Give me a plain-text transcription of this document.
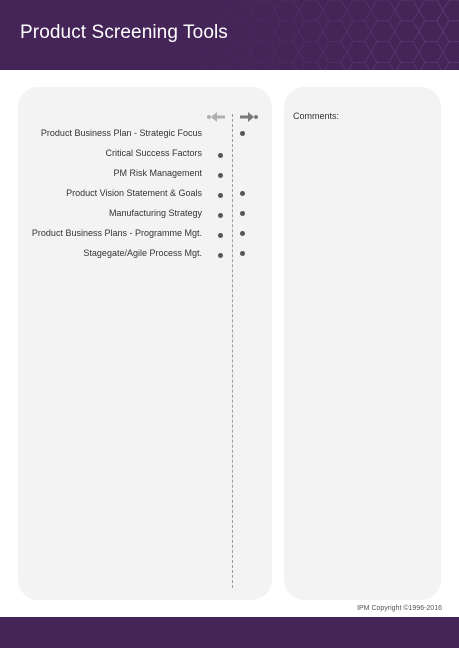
Product Screening Tools
Product Business Plan - Strategic Focus
Critical Success Factors
PM Risk Management
Product Vision Statement & Goals
Manufacturing Strategy
Product Business Plans - Programme Mgt.
Stagegate/Agile Process Mgt.
Comments:
IPM Copyright ©1996-2016
